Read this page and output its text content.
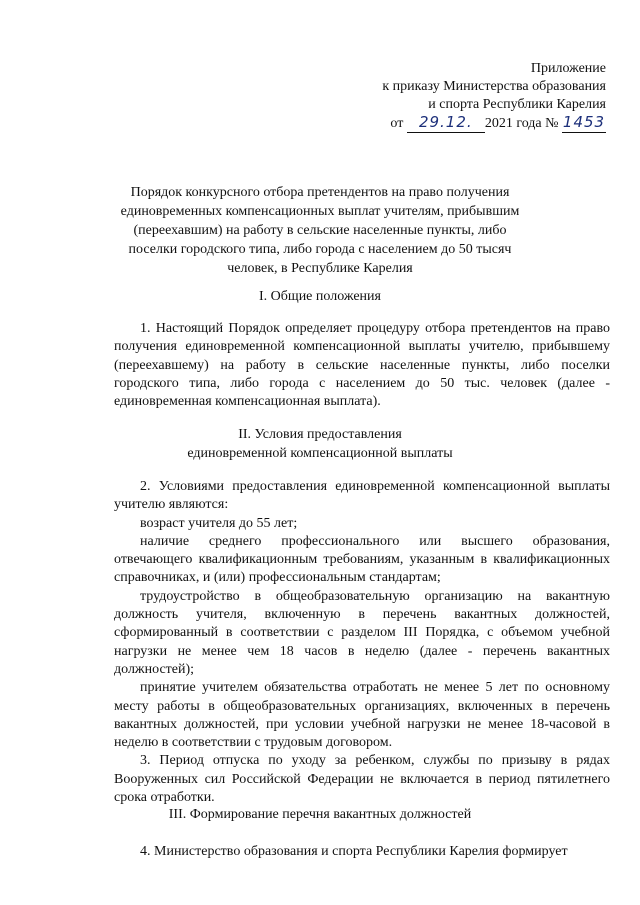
Приложение
к приказу Министерства образования
и спорта Республики Карелия
от 29.12. 2021 года № 1453
Порядок конкурсного отбора претендентов на право получения единовременных компенсационных выплат учителям, прибывшим (переехавшим) на работу в сельские населенные пункты, либо поселки городского типа, либо города с населением до 50 тысяч человек, в Республике Карелия
I. Общие положения

1. Настоящий Порядок определяет процедуру отбора претендентов на право получения единовременной компенсационной выплаты учителю, прибывшему (переехавшему) на работу в сельские населенные пункты, либо поселки городского типа, либо города с населением до 50 тыс. человек (далее - единовременная компенсационная выплата).

II. Условия предоставления
единовременной компенсационной выплаты

2. Условиями предоставления единовременной компенсационной выплаты учителю являются:

возраст учителя до 55 лет;

наличие среднего профессионального или высшего образования, отвечающего квалификационным требованиям, указанным в квалификационных справочниках, и (или) профессиональным стандартам;

трудоустройство в общеобразовательную организацию на вакантную должность учителя, включенную в перечень вакантных должностей, сформированный в соответствии с разделом III Порядка, с объемом учебной нагрузки не менее чем 18 часов в неделю (далее - перечень вакантных должностей);

принятие учителем обязательства отработать не менее 5 лет по основному месту работы в общеобразовательных организациях, включенных в перечень вакантных должностей, при условии учебной нагрузки не менее 18-часовой в неделю в соответствии с трудовым договором.

3. Период отпуска по уходу за ребенком, службы по призыву в рядах Вооруженных сил Российской Федерации не включается в период пятилетнего срока отработки.

III. Формирование перечня вакантных должностей

4. Министерство образования и спорта Республики Карелия формирует
